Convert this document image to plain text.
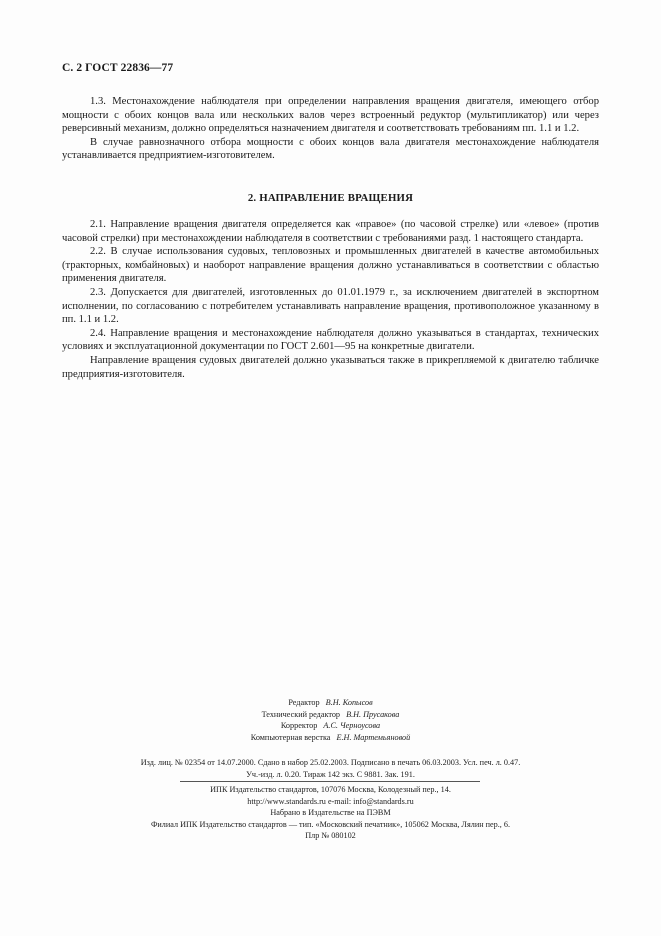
С. 2 ГОСТ 22836—77

1.3. Местонахождение наблюдателя при определении направления вращения двигателя, имеющего отбор мощности с обоих концов вала или нескольких валов через встроенный редуктор (мультипликатор) или через реверсивный механизм, должно определяться назначением двигателя и соответствовать требованиям пп. 1.1 и 1.2.

В случае равнозначного отбора мощности с обоих концов вала двигателя местонахождение наблюдателя устанавливается предприятием-изготовителем.

2. НАПРАВЛЕНИЕ ВРАЩЕНИЯ

2.1. Направление вращения двигателя определяется как «правое» (по часовой стрелке) или «левое» (против часовой стрелки) при местонахождении наблюдателя в соответствии с требованиями разд. 1 настоящего стандарта.

2.2. В случае использования судовых, тепловозных и промышленных двигателей в качестве автомобильных (тракторных, комбайновых) и наоборот направление вращения должно устанавливаться в соответствии с областью применения двигателя.

2.3. Допускается для двигателей, изготовленных до 01.01.1979 г., за исключением двигателей в экспортном исполнении, по согласованию с потребителем устанавливать направление вращения, противоположное указанному в пп. 1.1 и 1.2.

2.4. Направление вращения и местонахождение наблюдателя должно указываться в стандартах, технических условиях и эксплуатационной документации по ГОСТ 2.601—95 на конкретные двигатели.

Направление вращения судовых двигателей должно указываться также в прикрепляемой к двигателю табличке предприятия-изготовителя.

Редактор В.Н. Копысов
Технический редактор В.Н. Прусакова
Корректор А.С. Черноусова
Компьютерная верстка Е.Н. Мартемьяновой
Изд. лиц. № 02354 от 14.07.2000. Сдано в набор 25.02.2003. Подписано в печать 06.03.2003. Усл. печ. л. 0.47.
Уч.-изд. л. 0.20. Тираж 142 экз. С 9881. Зак. 191.
ИПК Издательство стандартов, 107076 Москва, Колодезный пер., 14.
http://www.standards.ru e-mail: info@standards.ru
Набрано в Издательстве на ПЭВМ
Филиал ИПК Издательство стандартов — тип. «Московский печатник», 105062 Москва, Лялин пер., 6.
Плр № 080102
